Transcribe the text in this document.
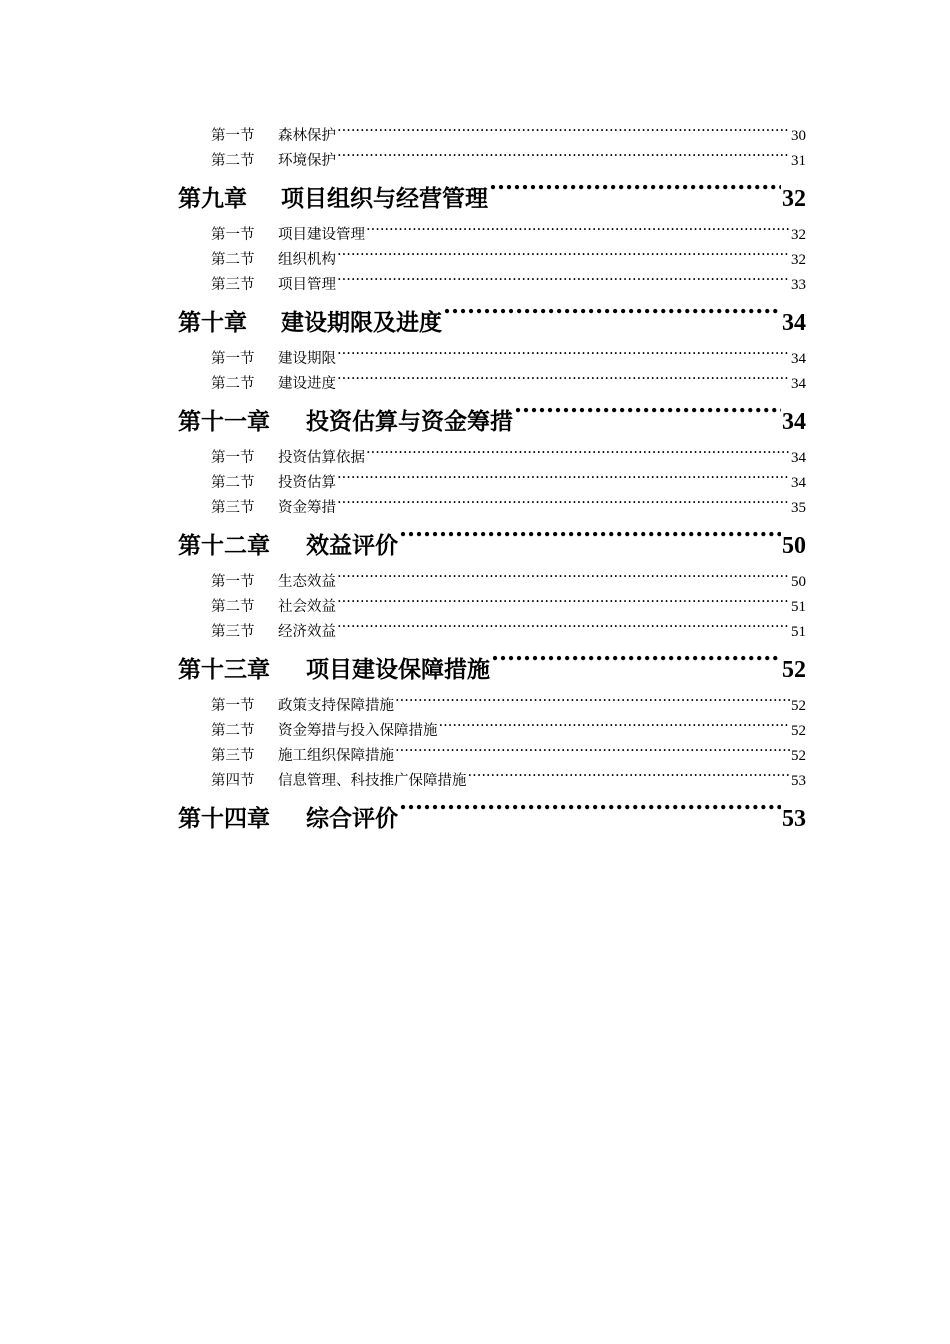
第一节	森林保护 .....	30
第二节	环境保护 .....	31
第九章	项目组织与经营管理 .....	32
第一节	项目建设管理 .....	32
第二节	组织机构 .....	32
第三节	项目管理 .....	33
第十章	建设期限及进度 .....	34
第一节	建设期限 .....	34
第二节	建设进度 .....	34
第十一章	投资估算与资金筹措 .....	34
第一节	投资估算依据 .....	34
第二节	投资估算 .....	34
第三节	资金筹措 .....	35
第十二章	效益评价 .....	50
第一节	生态效益 .....	50
第二节	社会效益 .....	51
第三节	经济效益 .....	51
第十三章	项目建设保障措施 .....	52
第一节	政策支持保障措施 .....	52
第二节	资金筹措与投入保障措施 .....	52
第三节	施工组织保障措施 .....	52
第四节	信息管理、科技推广保障措施 .....	53
第十四章	综合评价 .....	53
